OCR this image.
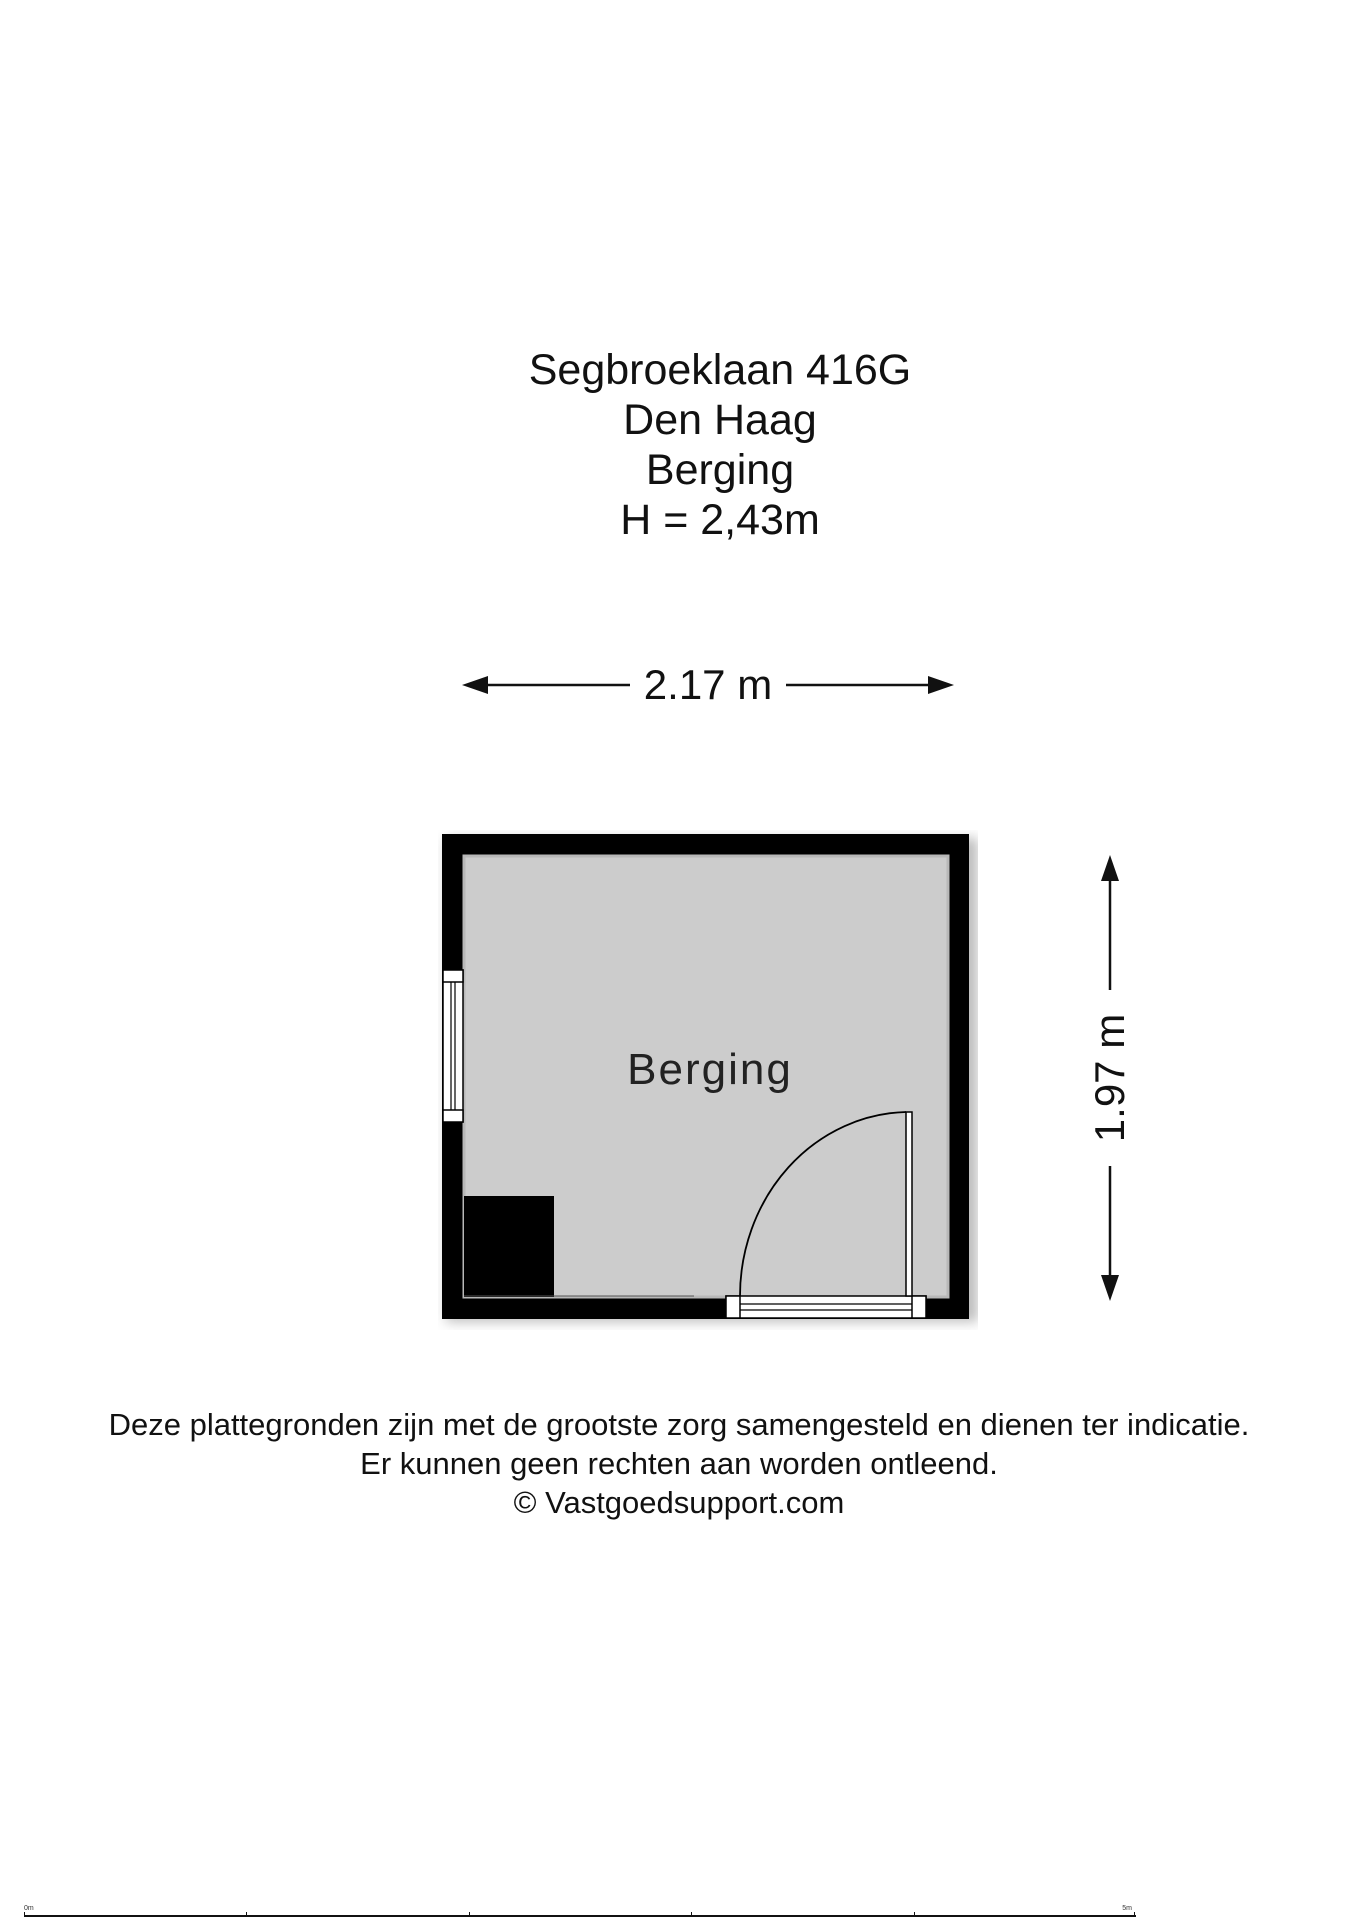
Segbroeklaan 416G
Den Haag
Berging
H = 2,43m
2.17 m
1.97 m
Berging
Deze plattegronden zijn met de grootste zorg samengesteld en dienen ter indicatie.
Er kunnen geen rechten aan worden ontleend.
© Vastgoedsupport.com
0m	5m
